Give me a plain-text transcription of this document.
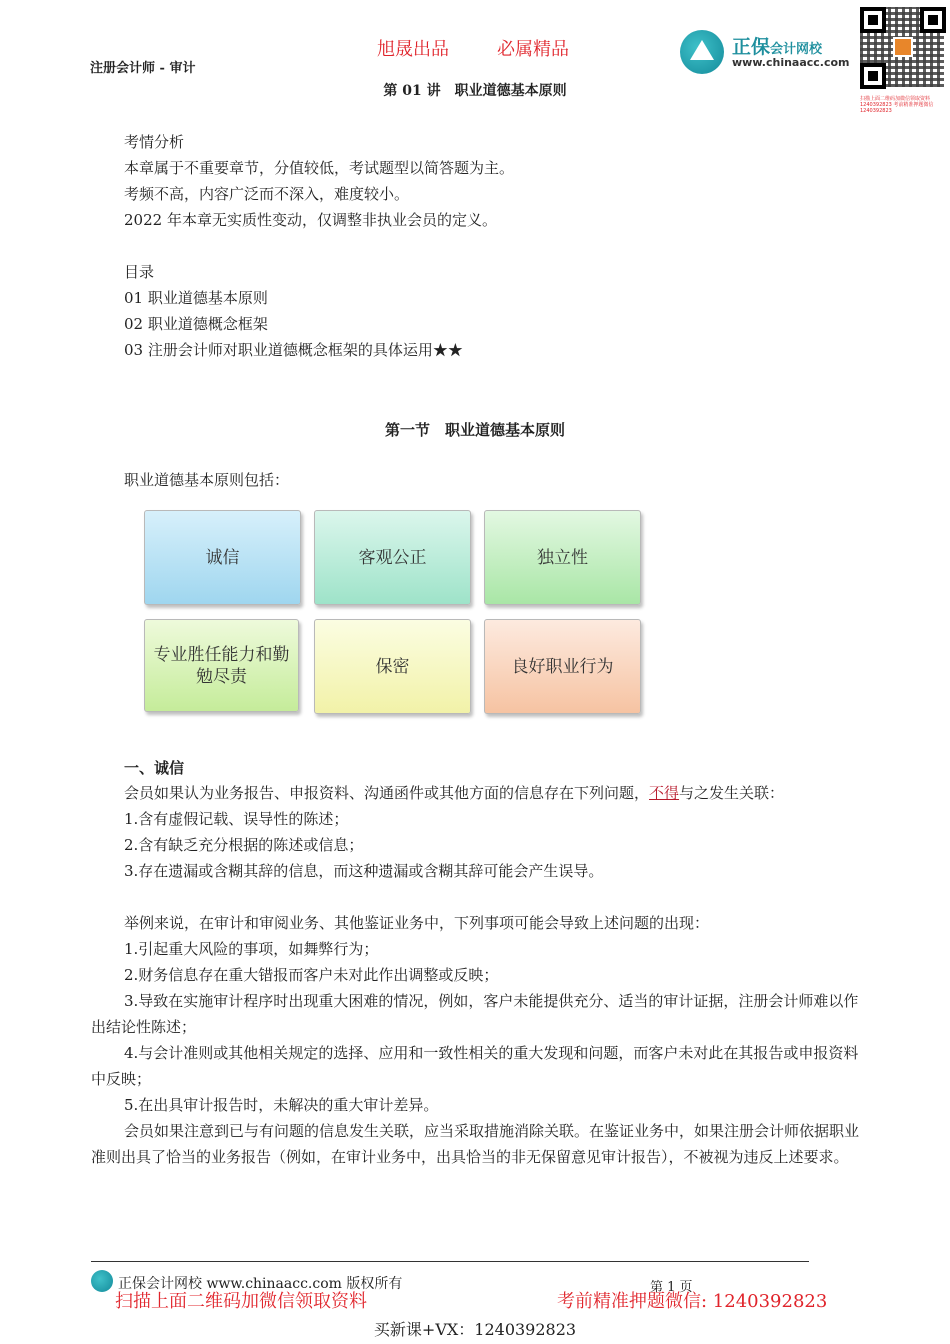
注册会计师 - 审计
旭晟出品	必属精品	正保会计网校
www.chinaacc.com
扫描上面二维码加微信领取资料 1240392823 考前精准押题微信 1240392823
第 01 讲　职业道德基本原则
考情分析
本章属于不重要章节，分值较低，考试题型以简答题为主。
考频不高，内容广泛而不深入，难度较小。
2022 年本章无实质性变动，仅调整非执业会员的定义。
目录
01 职业道德基本原则
02 职业道德概念框架
03 注册会计师对职业道德概念框架的具体运用★★
第一节　职业道德基本原则
职业道德基本原则包括：
诚信	客观公正	独立性
专业胜任能力和勤勉尽责	保密	良好职业行为
一、诚信
会员如果认为业务报告、申报资料、沟通函件或其他方面的信息存在下列问题，不得与之发生关联：
1.含有虚假记载、误导性的陈述；
2.含有缺乏充分根据的陈述或信息；
3.存在遗漏或含糊其辞的信息，而这种遗漏或含糊其辞可能会产生误导。
举例来说，在审计和审阅业务、其他鉴证业务中，下列事项可能会导致上述问题的出现：
1.引起重大风险的事项，如舞弊行为；
2.财务信息存在重大错报而客户未对此作出调整或反映；
3.导致在实施审计程序时出现重大困难的情况，例如，客户未能提供充分、适当的审计证据，注册会计师难以作出结论性陈述；
4.与会计准则或其他相关规定的选择、应用和一致性相关的重大发现和问题，而客户未对此在其报告或申报资料中反映；
5.在出具审计报告时，未解决的重大审计差异。
会员如果注意到已与有问题的信息发生关联，应当采取措施消除关联。在鉴证业务中，如果注册会计师依据职业准则出具了恰当的业务报告（例如，在审计业务中，出具恰当的非无保留意见审计报告），不被视为违反上述要求。
正保会计网校 www.chinaacc.com 版权所有	第 1 页
扫描上面二维码加微信领取资料	考前精准押题微信: 1240392823
买新课+VX：1240392823
